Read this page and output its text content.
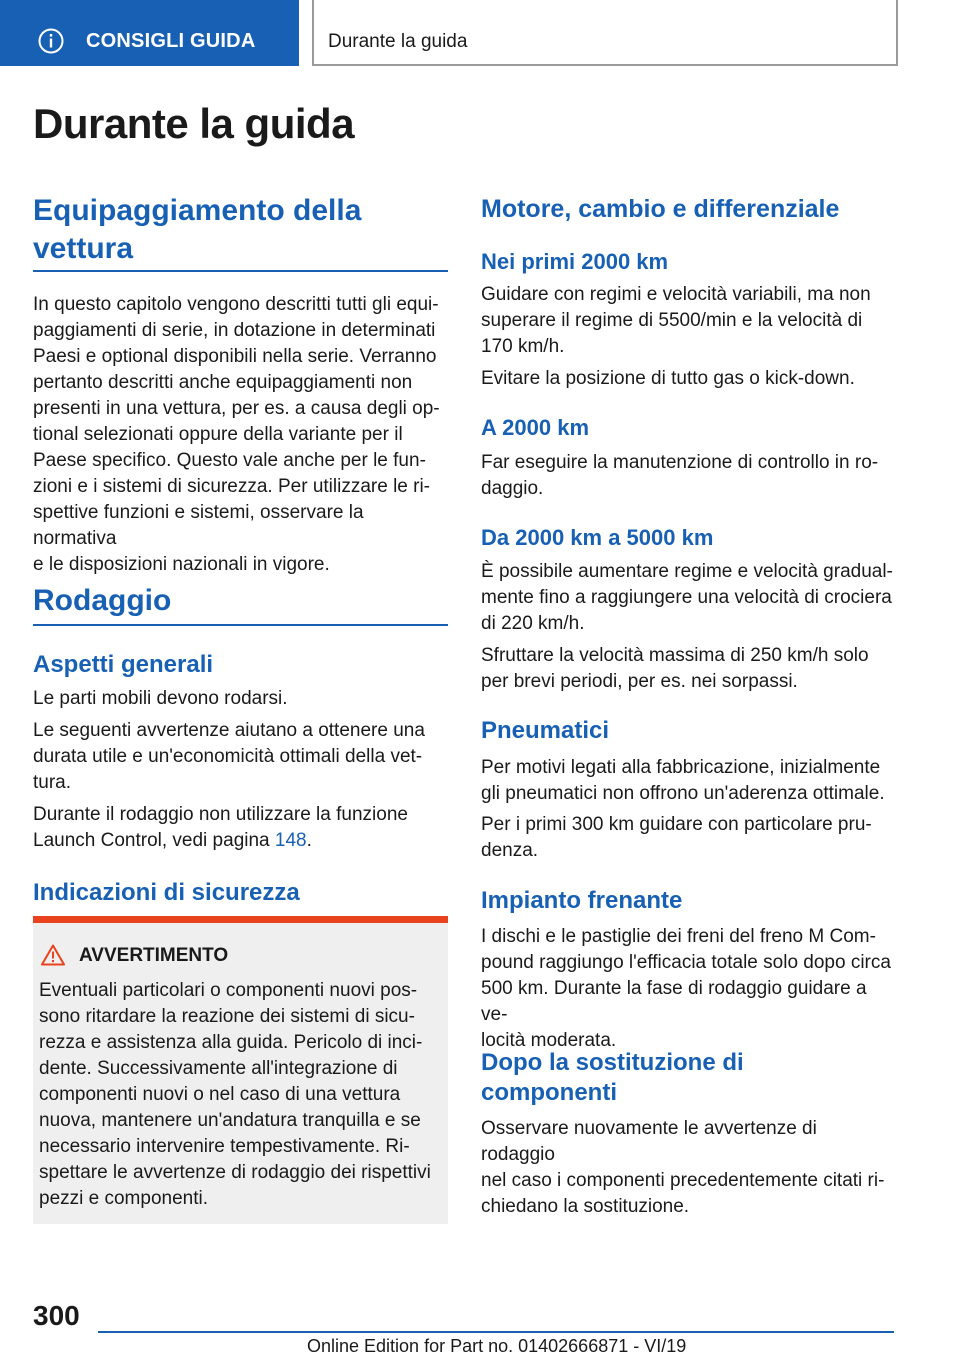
CONSIGLI GUIDA	Durante la guida
Durante la guida
Equipaggiamento della
vettura
In questo capitolo vengono descritti tutti gli equi‐
paggiamenti di serie, in dotazione in determinati
Paesi e optional disponibili nella serie. Verranno
pertanto descritti anche equipaggiamenti non
presenti in una vettura, per es. a causa degli op‐
tional selezionati oppure della variante per il
Paese specifico. Questo vale anche per le fun‐
zioni e i sistemi di sicurezza. Per utilizzare le ri‐
spettive funzioni e sistemi, osservare la normativa
e le disposizioni nazionali in vigore.
Rodaggio
Aspetti generali
Le parti mobili devono rodarsi.
Le seguenti avvertenze aiutano a ottenere una
durata utile e un'economicità ottimali della vet‐
tura.
Durante il rodaggio non utilizzare la funzione
Launch Control, vedi pagina 148.
Indicazioni di sicurezza
AVVERTIMENTO
Eventuali particolari o componenti nuovi pos‐
sono ritardare la reazione dei sistemi di sicu‐
rezza e assistenza alla guida. Pericolo di inci‐
dente. Successivamente all'integrazione di
componenti nuovi o nel caso di una vettura
nuova, mantenere un'andatura tranquilla e se
necessario intervenire tempestivamente. Ri‐
spettare le avvertenze di rodaggio dei rispettivi
pezzi e componenti.
Motore, cambio e differenziale
Nei primi 2000 km
Guidare con regimi e velocità variabili, ma non
superare il regime di 5500/min e la velocità di
170 km/h.
Evitare la posizione di tutto gas o kick-down.
A 2000 km
Far eseguire la manutenzione di controllo in ro‐
daggio.
Da 2000 km a 5000 km
È possibile aumentare regime e velocità gradual‐
mente fino a raggiungere una velocità di crociera
di 220 km/h.
Sfruttare la velocità massima di 250 km/h solo
per brevi periodi, per es. nei sorpassi.
Pneumatici
Per motivi legati alla fabbricazione, inizialmente
gli pneumatici non offrono un'aderenza ottimale.
Per i primi 300 km guidare con particolare pru‐
denza.
Impianto frenante
I dischi e le pastiglie dei freni del freno M Com‐
pound raggiungo l'efficacia totale solo dopo circa
500 km. Durante la fase di rodaggio guidare a ve‐
locità moderata.
Dopo la sostituzione di
componenti
Osservare nuovamente le avvertenze di rodaggio
nel caso i componenti precedentemente citati ri‐
chiedano la sostituzione.
300
Online Edition for Part no. 01402666871 - VI/19
